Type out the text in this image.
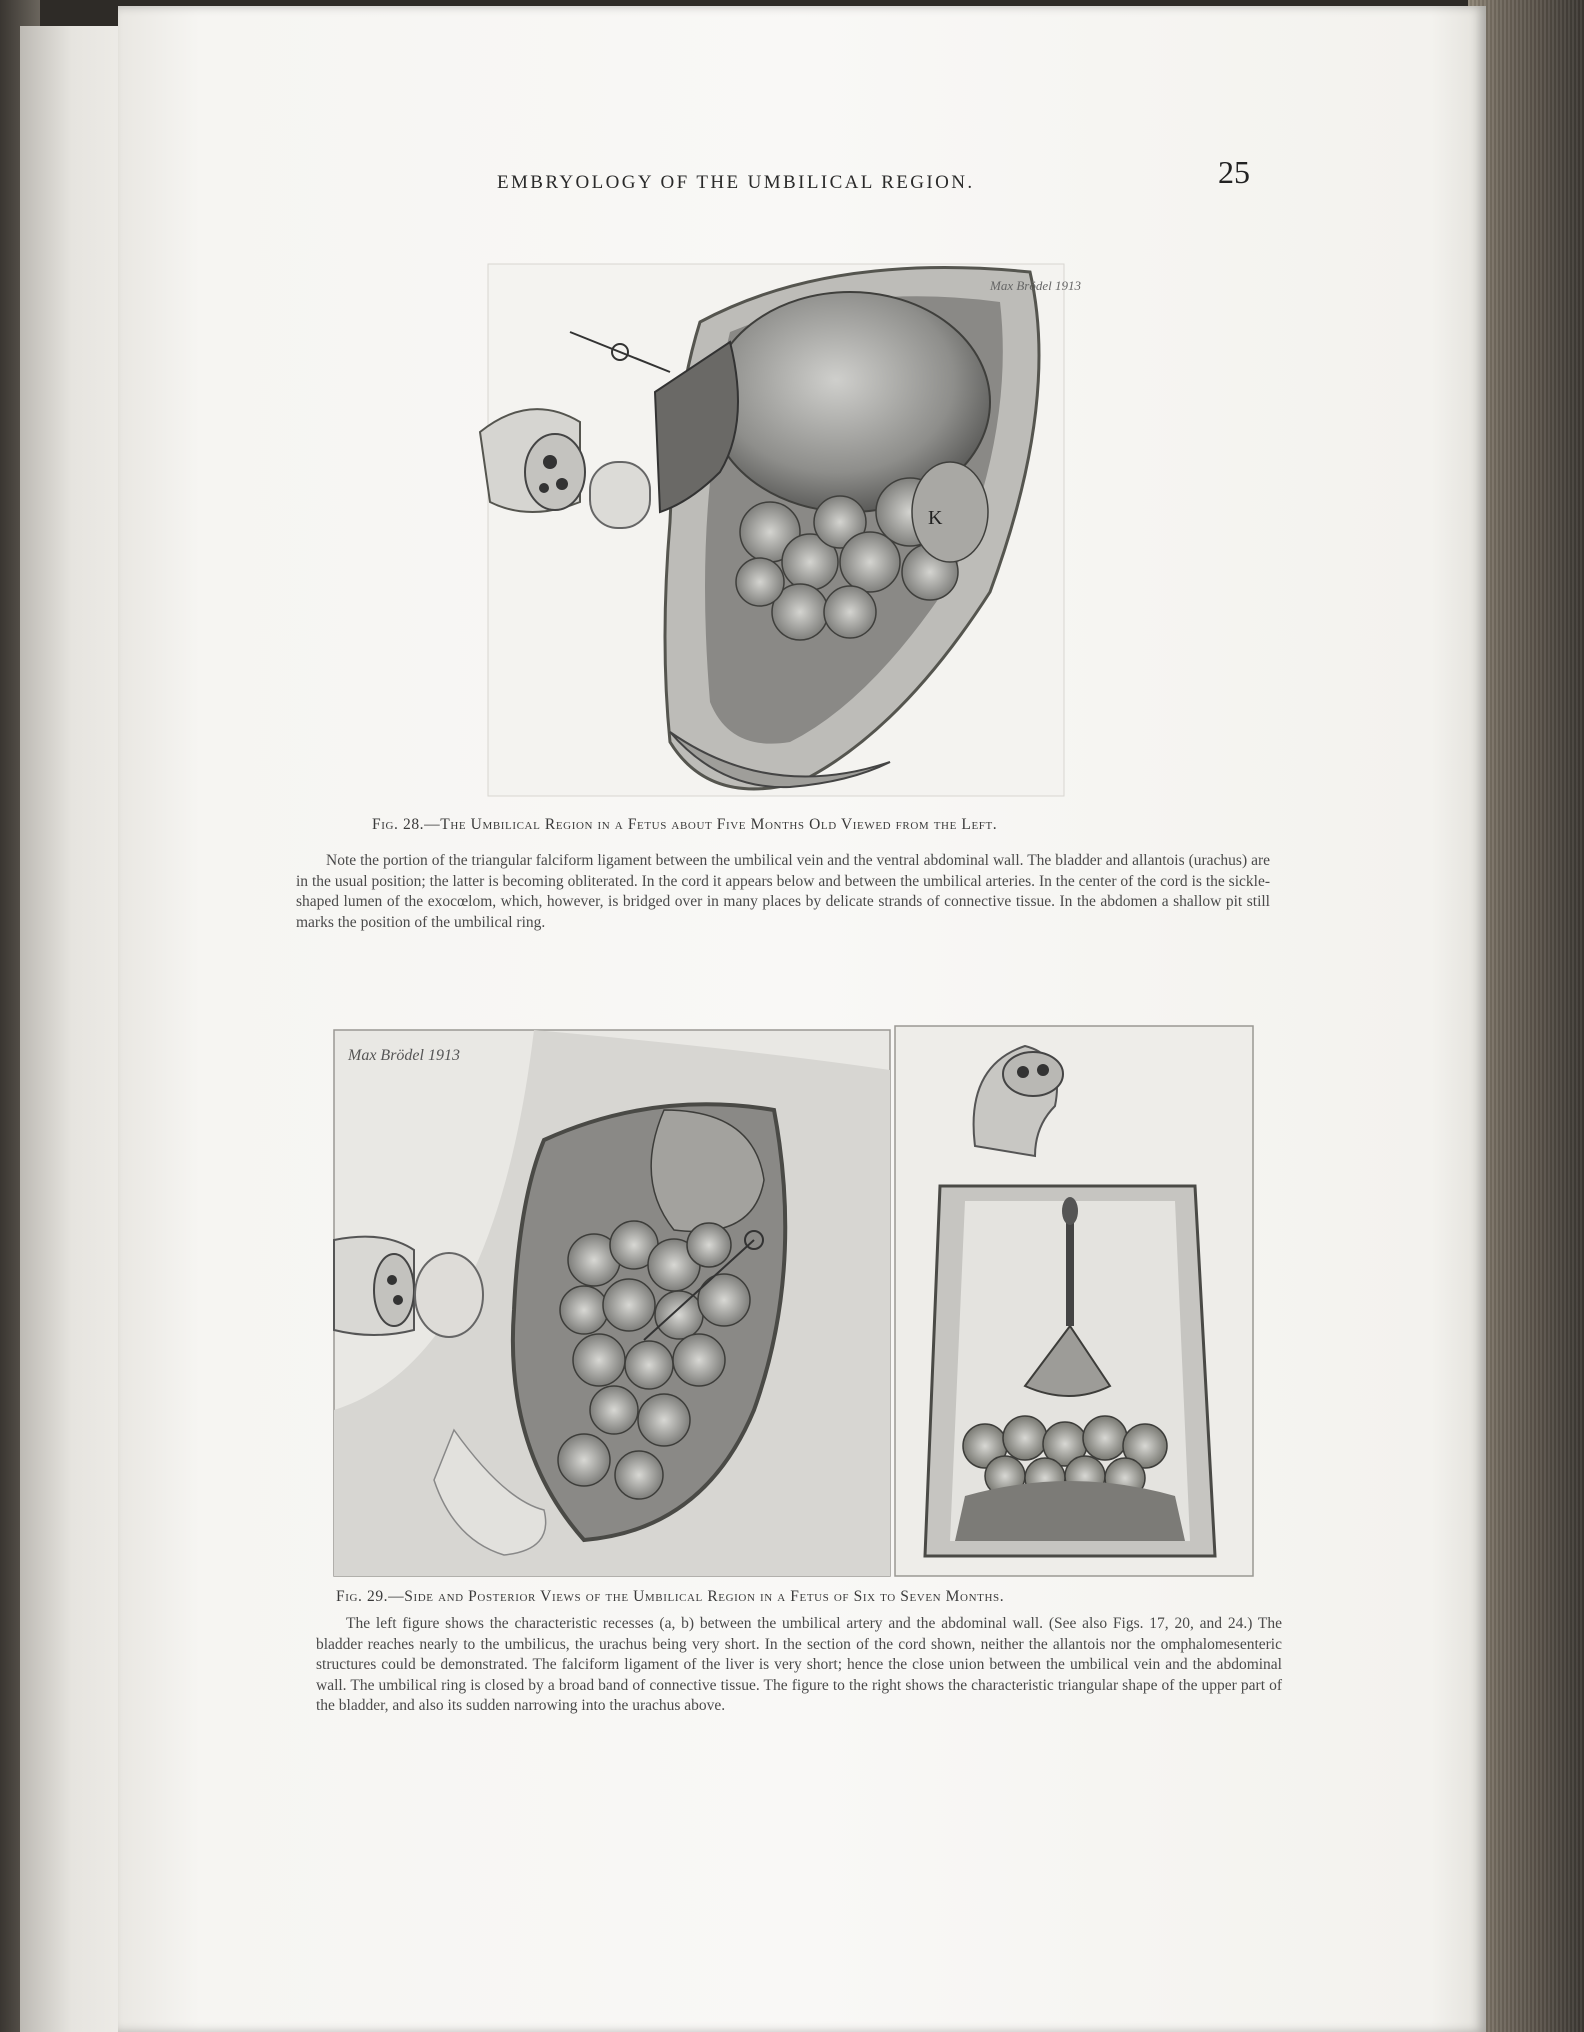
EMBRYOLOGY OF THE UMBILICAL REGION.	25
K
Max Brödel 1913
Fig. 28.—The Umbilical Region in a Fetus about Five Months Old Viewed from the Left.
Note the portion of the triangular falciform ligament between the umbilical vein and the ventral abdominal wall. The bladder and allantois (urachus) are in the usual position; the latter is becoming obliterated. In the cord it appears below and between the umbilical arteries. In the center of the cord is the sickle-shaped lumen of the exocœlom, which, however, is bridged over in many places by delicate strands of connective tissue. In the abdomen a shallow pit still marks the position of the umbilical ring.
Max Brödel 1913
Fig. 29.—Side and Posterior Views of the Umbilical Region in a Fetus of Six to Seven Months.
The left figure shows the characteristic recesses (a, b) between the umbilical artery and the abdominal wall. (See also Figs. 17, 20, and 24.) The bladder reaches nearly to the umbilicus, the urachus being very short. In the section of the cord shown, neither the allantois nor the omphalomesenteric structures could be demonstrated. The falciform ligament of the liver is very short; hence the close union between the umbilical vein and the abdominal wall. The umbilical ring is closed by a broad band of connective tissue. The figure to the right shows the characteristic triangular shape of the upper part of the bladder, and also its sudden narrowing into the urachus above.
